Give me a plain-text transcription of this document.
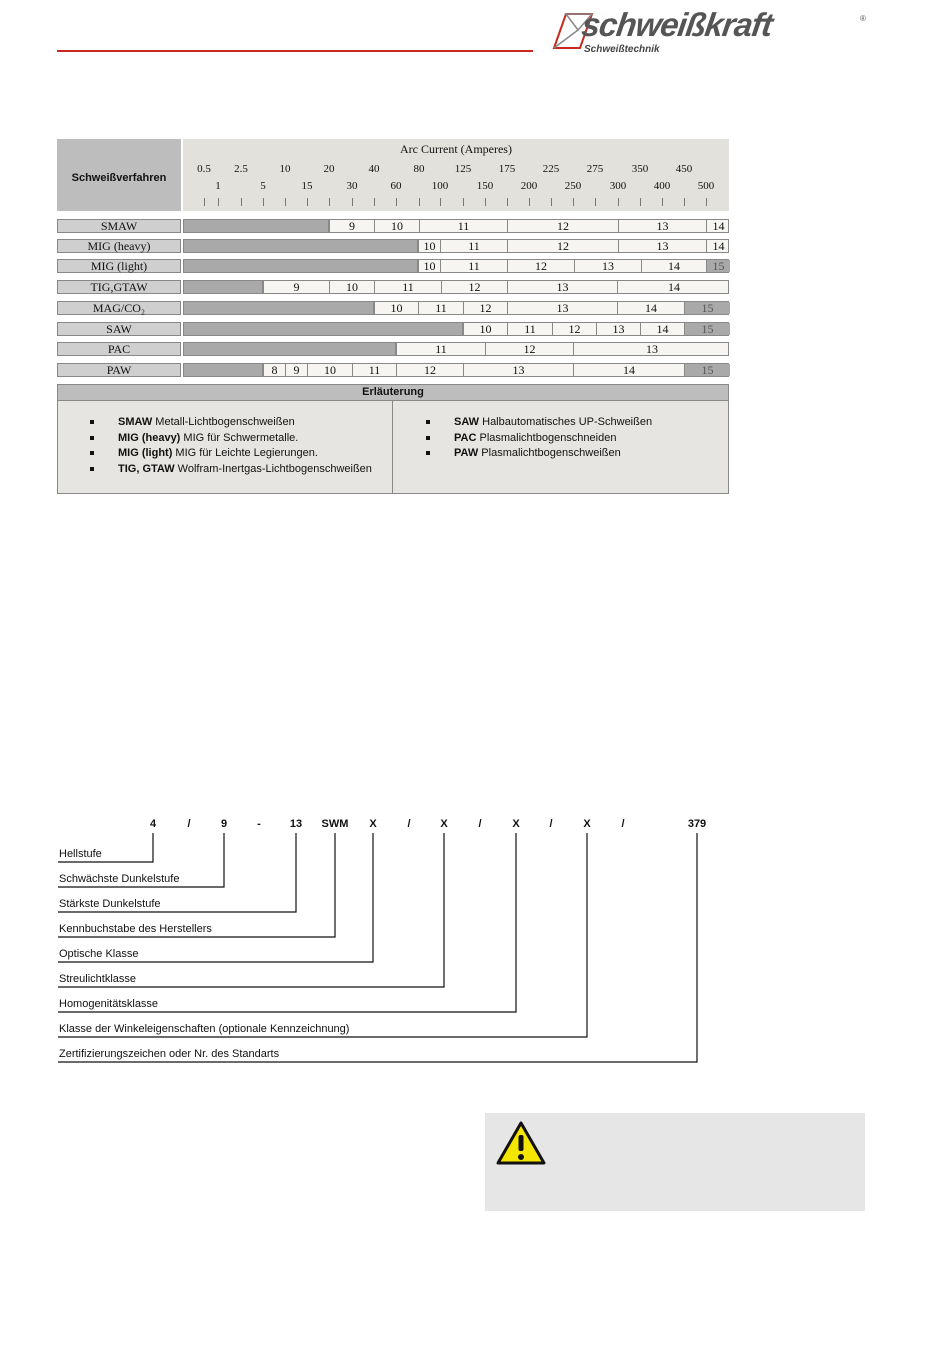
schweißkraft	®
Schweißtechnik
Schweißverfahren
Arc Current (Amperes)
0.5 2.5	10	20	40	80	125	175	225	275	350	450
1	5	15	30	60	100	150	200	250	300	400	500
SMAW	9	10	11	12	13	14
MIG (heavy)	10	11	12	13	14
MIG (light)	10	11	12	13	14	15
TIG,GTAW	9	10	11	12	13	14
MAG/CO₂	10	11	12	13	14	15
SAW	10	11	12	13	14	15
PAC	11	12	13
PAW	8	9	10	11	12	13	14	15
Erläuterung
SMAW Metall-Lichtbogenschweißen
MIG (heavy) MIG für Schwermetalle.
MIG (light) MIG für Leichte Legierungen.
TIG, GTAW Wolfram-Inertgas-Lichtbogenschweißen
SAW Halbautomatisches UP-Schweißen
PAC Plasmalichtbogenschneiden
PAW Plasmalichtbogenschweißen
4	/	9	-	13 SWM X	/	X	/	X	/	X	/	379
Hellstufe
Schwächste Dunkelstufe
Stärkste Dunkelstufe
Kennbuchstabe des Herstellers
Optische Klasse
Streulichtklasse
Homogenitätsklasse
Klasse der Winkeleigenschaften (optionale Kennzeichnung)
Zertifizierungszeichen oder Nr. des Standarts
